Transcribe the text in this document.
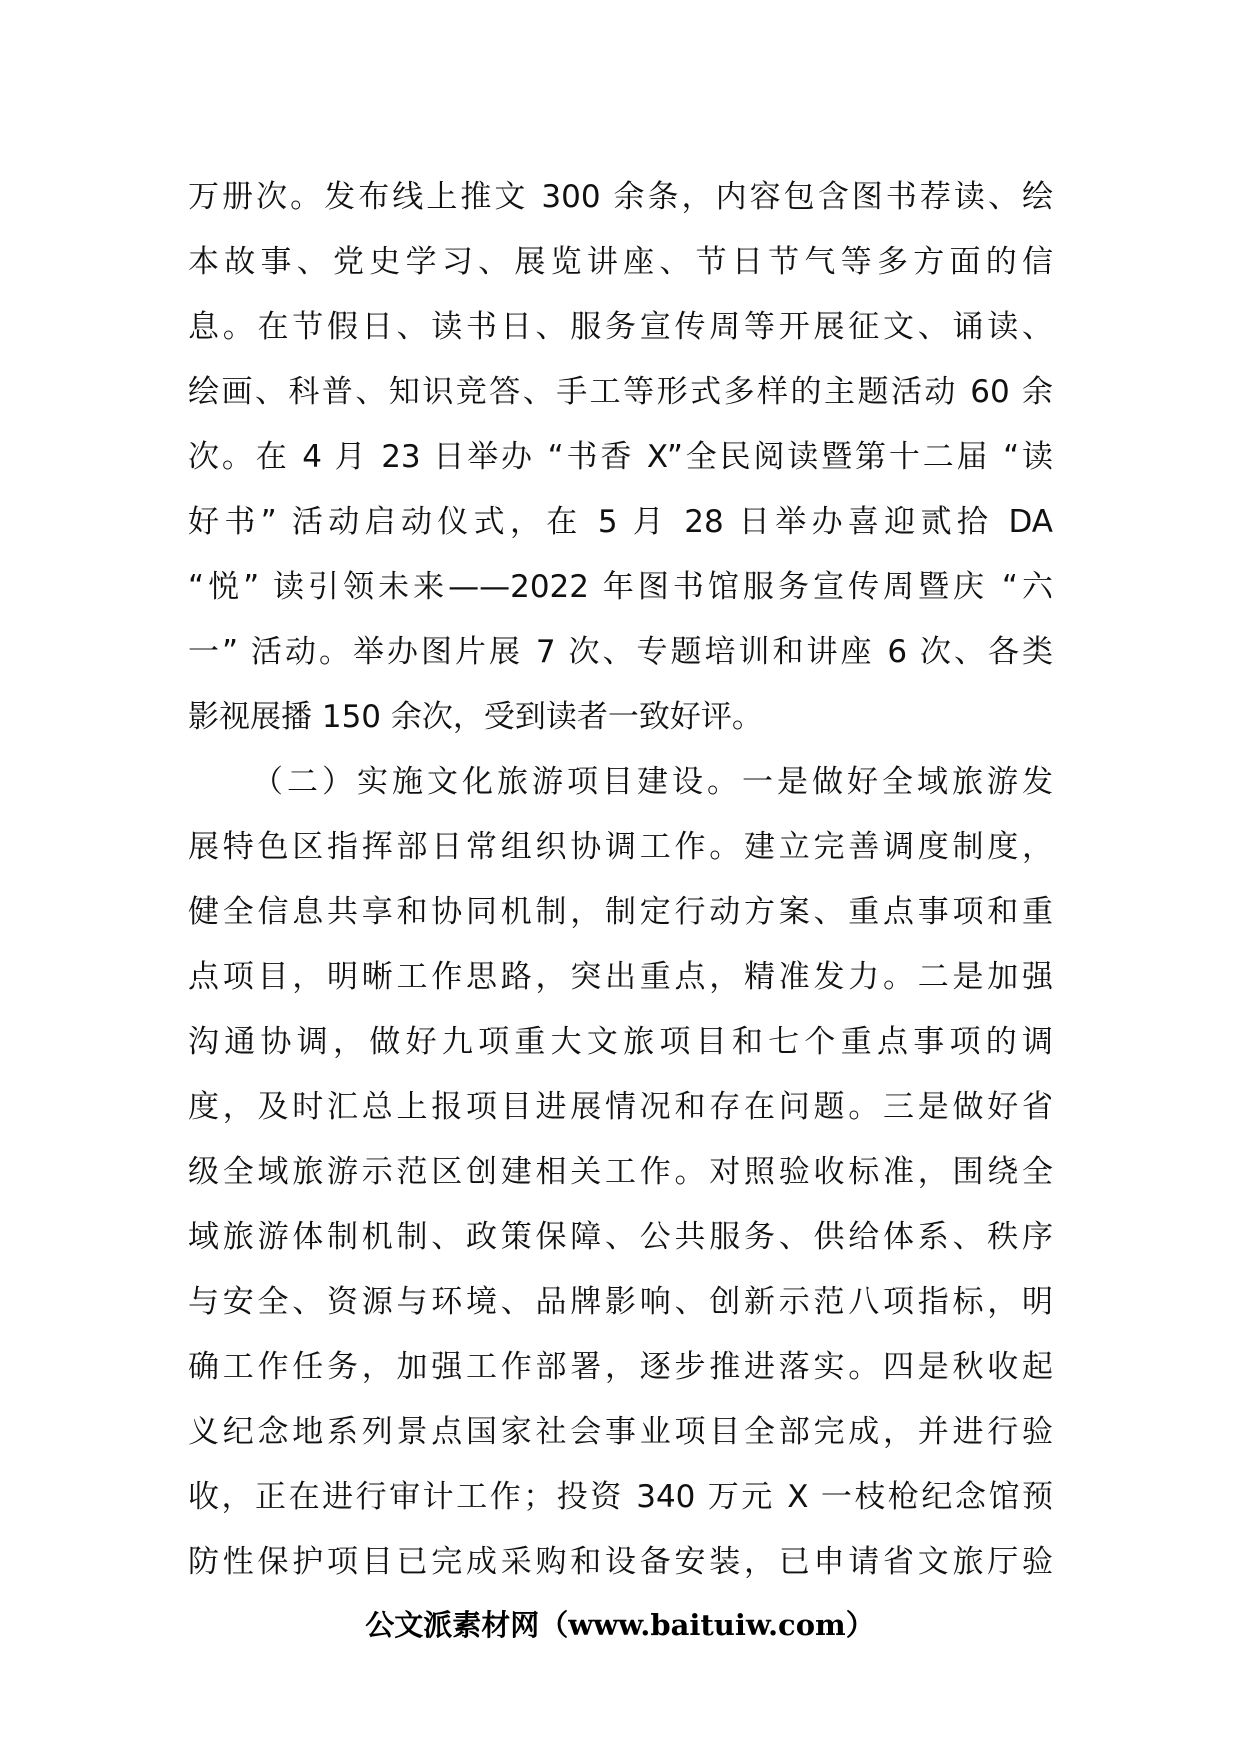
万册次。发布线上推文 300 余条，内容包含图书荐读、绘
本故事、党史学习、展览讲座、节日节气等多方面的信
息。在节假日、读书日、服务宣传周等开展征文、诵读、
绘画、科普、知识竞答、手工等形式多样的主题活动 60 余
次。在 4 月 23 日举办 “书香 X”全民阅读暨第十二届 “读
好书” 活动启动仪式，在 5 月 28 日举办喜迎贰拾 DA
“悦” 读引领未来——2022 年图书馆服务宣传周暨庆 “六
一” 活动。举办图片展 7 次、专题培训和讲座 6 次、各类
影视展播 150 余次，受到读者一致好评。
（二）实施文化旅游项目建设。一是做好全域旅游发
展特色区指挥部日常组织协调工作。建立完善调度制度，
健全信息共享和协同机制，制定行动方案、重点事项和重
点项目，明晰工作思路，突出重点，精准发力。二是加强
沟通协调，做好九项重大文旅项目和七个重点事项的调
度，及时汇总上报项目进展情况和存在问题。三是做好省
级全域旅游示范区创建相关工作。对照验收标准，围绕全
域旅游体制机制、政策保障、公共服务、供给体系、秩序
与安全、资源与环境、品牌影响、创新示范八项指标，明
确工作任务，加强工作部署，逐步推进落实。四是秋收起
义纪念地系列景点国家社会事业项目全部完成，并进行验
收，正在进行审计工作；投资 340 万元 X 一枝枪纪念馆预
防性保护项目已完成采购和设备安装，已申请省文旅厅验
公文派素材网（www.baituiw.com）
